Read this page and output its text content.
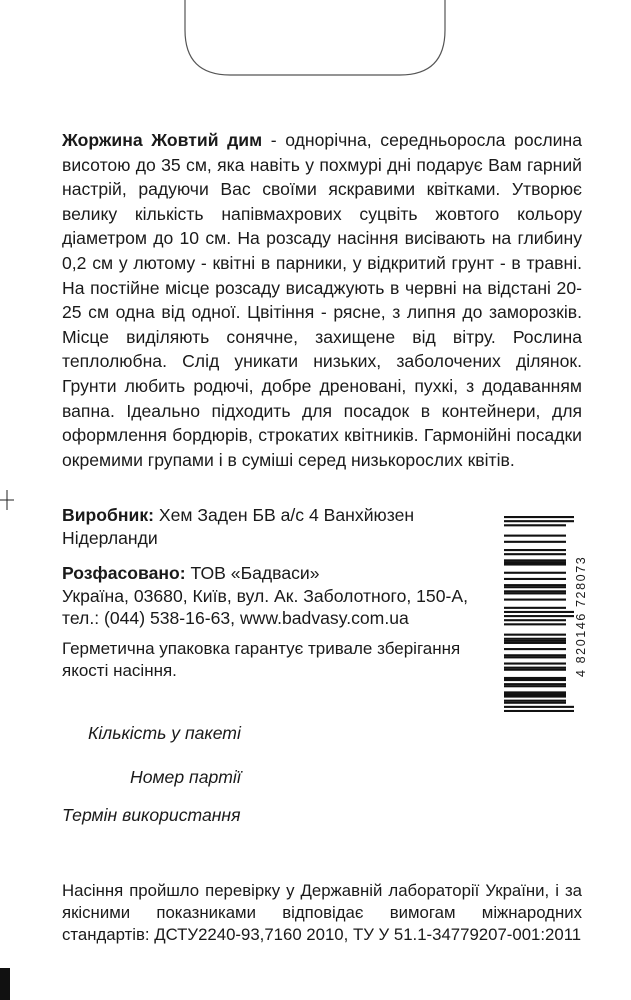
Жоржина Жовтий дим - однорічна, середньоросла рослина висотою до 35 см, яка навіть у похмурі дні подарує Вам гарний настрій, радуючи Вас своїми яскравими квітками. Утворює велику кількість напівмахрових суцвіть жовтого кольору діаметром до 10 см. На розсаду насіння висівають на глибину 0,2 см у лютому - квітні в парники, у відкритий грунт - в травні. На постійне місце розсаду висаджують в червні на відстані 20-25 см одна від одної. Цвітіння - рясне, з липня до заморозків. Місце виділяють сонячне, захищене від вітру. Рослина теплолюбна. Слід уникати низьких, заболочених ділянок. Грунти любить родючі, добре дреновані, пухкі, з додаванням вапна. Ідеально підходить для посадок в контейнери, для оформлення бордюрів, строкатих квітників. Гармонійні посадки окремими групами і в суміші серед низькорослих квітів.

Виробник: Хем Заден БВ а/с 4 Ванхйюзен Нідерланди

Розфасовано: ТОВ «Бадваси»
Україна, 03680, Київ, вул. Ак. Заболотного, 150-А,
тел.: (044) 538-16-63, www.badvasy.com.ua

Герметична упаковка гарантує тривале зберігання якості насіння.

Кількість у пакеті

Номер партії

Термін використання

Насіння пройшло перевірку у Державній лабораторії України, і за якісними показниками відповідає вимогам міжнародних стандартів: ДСТУ2240-93,7160 2010, ТУ У 51.1-34779207-001:2011

4 820146 728073
